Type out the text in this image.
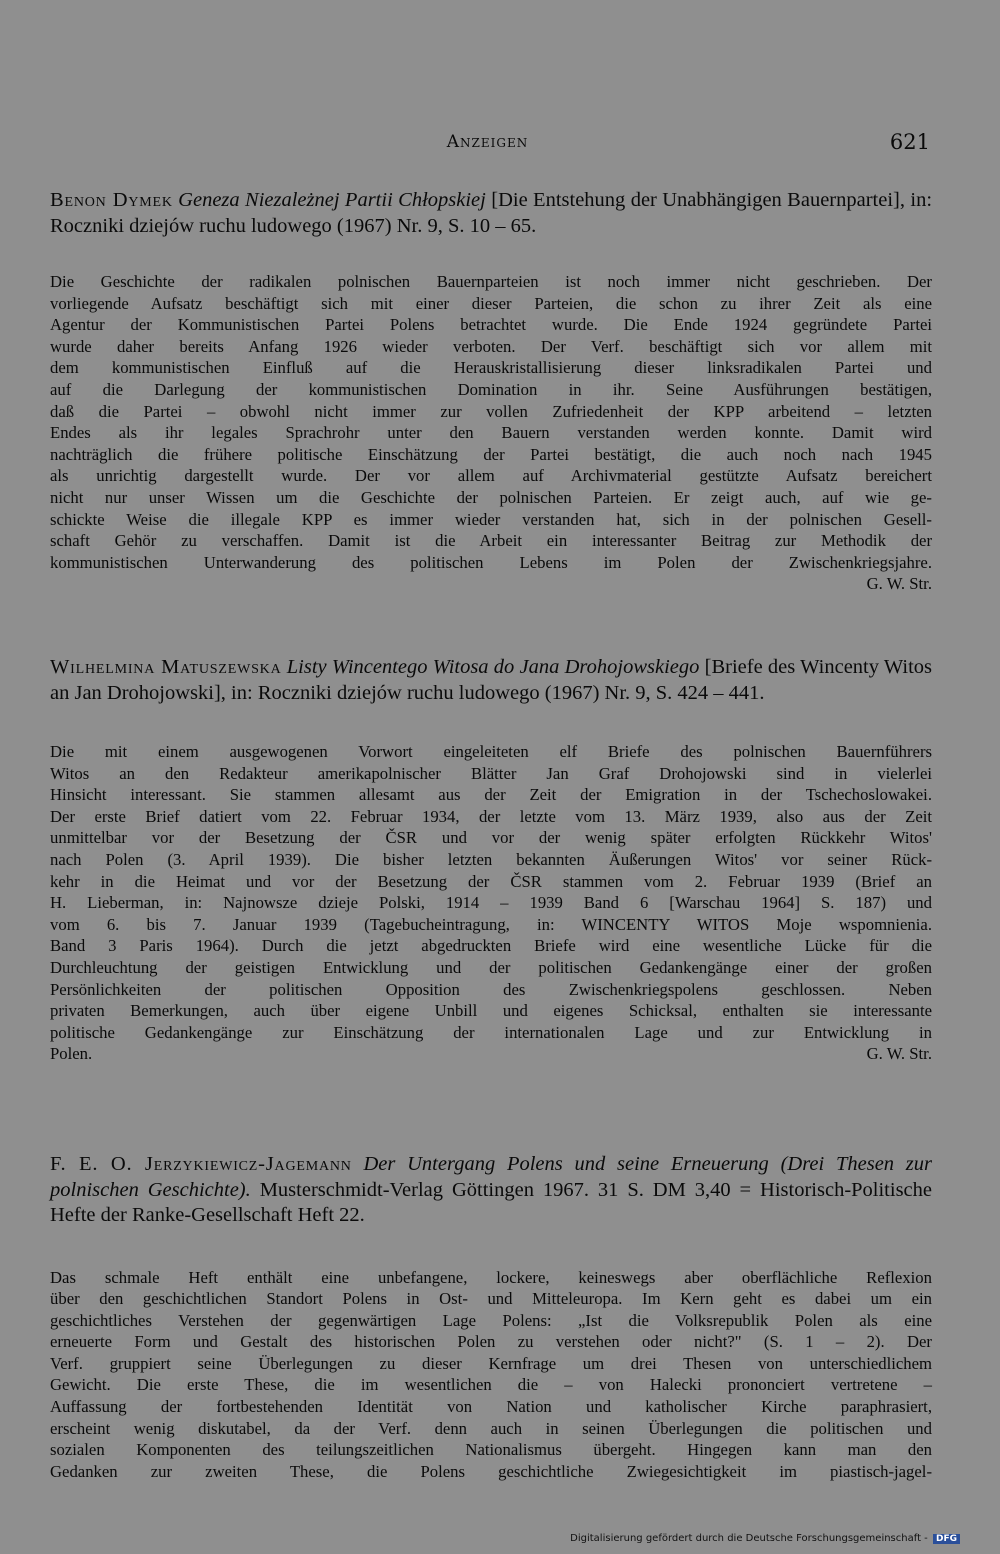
Anzeigen	621

Benon Dymek Geneza Niezależnej Partii Chłopskiej [Die Entstehung der Unabhängigen Bauernpartei], in: Roczniki dziejów ruchu ludowego (1967) Nr. 9, S. 10 – 65.

Die Geschichte der radikalen polnischen Bauernparteien ist noch immer nicht geschrieben. Der
vorliegende Aufsatz beschäftigt sich mit einer dieser Parteien, die schon zu ihrer Zeit als eine
Agentur der Kommunistischen Partei Polens betrachtet wurde. Die Ende 1924 gegründete Partei
wurde daher bereits Anfang 1926 wieder verboten. Der Verf. beschäftigt sich vor allem mit
dem kommunistischen Einfluß auf die Herauskristallisierung dieser linksradikalen Partei und
auf die Darlegung der kommunistischen Domination in ihr. Seine Ausführungen bestätigen,
daß die Partei – obwohl nicht immer zur vollen Zufriedenheit der KPP arbeitend – letzten
Endes als ihr legales Sprachrohr unter den Bauern verstanden werden konnte. Damit wird
nachträglich die frühere politische Einschätzung der Partei bestätigt, die auch noch nach 1945
als unrichtig dargestellt wurde. Der vor allem auf Archivmaterial gestützte Aufsatz bereichert
nicht nur unser Wissen um die Geschichte der polnischen Parteien. Er zeigt auch, auf wie ge-
schickte Weise die illegale KPP es immer wieder verstanden hat, sich in der polnischen Gesell-
schaft Gehör zu verschaffen. Damit ist die Arbeit ein interessanter Beitrag zur Methodik der
kommunistischen Unterwanderung des politischen Lebens im Polen der Zwischenkriegsjahre.
G. W. Str.

Wilhelmina Matuszewska Listy Wincentego Witosa do Jana Drohojowskiego [Briefe des Wincenty Witos an Jan Drohojowski], in: Roczniki dziejów ruchu ludowego (1967) Nr. 9, S. 424 – 441.

Die mit einem ausgewogenen Vorwort eingeleiteten elf Briefe des polnischen Bauernführers
Witos an den Redakteur amerikapolnischer Blätter Jan Graf Drohojowski sind in vielerlei
Hinsicht interessant. Sie stammen allesamt aus der Zeit der Emigration in der Tschechoslowakei.
Der erste Brief datiert vom 22. Februar 1934, der letzte vom 13. März 1939, also aus der Zeit
unmittelbar vor der Besetzung der ČSR und vor der wenig später erfolgten Rückkehr Witos'
nach Polen (3. April 1939). Die bisher letzten bekannten Äußerungen Witos' vor seiner Rück-
kehr in die Heimat und vor der Besetzung der ČSR stammen vom 2. Februar 1939 (Brief an
H. Lieberman, in: Najnowsze dzieje Polski, 1914 – 1939 Band 6 [Warschau 1964] S. 187) und
vom 6. bis 7. Januar 1939 (Tagebucheintragung, in: WINCENTY WITOS Moje wspomnienia.
Band 3 Paris 1964). Durch die jetzt abgedruckten Briefe wird eine wesentliche Lücke für die
Durchleuchtung der geistigen Entwicklung und der politischen Gedankengänge einer der großen
Persönlichkeiten der politischen Opposition des Zwischenkriegspolens geschlossen. Neben
privaten Bemerkungen, auch über eigene Unbill und eigenes Schicksal, enthalten sie interessante
politische Gedankengänge zur Einschätzung der internationalen Lage und zur Entwicklung in
Polen.	G. W. Str.

F. E. O. Jerzykiewicz-Jagemann Der Untergang Polens und seine Erneuerung (Drei Thesen zur polnischen Geschichte). Musterschmidt-Verlag Göttingen 1967. 31 S. DM 3,40 = Historisch-Politische Hefte der Ranke-Gesellschaft Heft 22.

Das schmale Heft enthält eine unbefangene, lockere, keineswegs aber oberflächliche Reflexion
über den geschichtlichen Standort Polens in Ost- und Mitteleuropa. Im Kern geht es dabei um ein
geschichtliches Verstehen der gegenwärtigen Lage Polens: „Ist die Volksrepublik Polen als eine
erneuerte Form und Gestalt des historischen Polen zu verstehen oder nicht?" (S. 1 – 2). Der
Verf. gruppiert seine Überlegungen zu dieser Kernfrage um drei Thesen von unterschiedlichem
Gewicht. Die erste These, die im wesentlichen die – von Halecki prononciert vertretene –
Auffassung der fortbestehenden Identität von Nation und katholischer Kirche paraphrasiert,
erscheint wenig diskutabel, da der Verf. denn auch in seinen Überlegungen die politischen und
sozialen Komponenten des teilungszeitlichen Nationalismus übergeht. Hingegen kann man den
Gedanken zur zweiten These, die Polens geschichtliche Zwiegesichtigkeit im piastisch-jagel-
Digitalisierung gefördert durch die Deutsche Forschungsgemeinschaft - DFG
